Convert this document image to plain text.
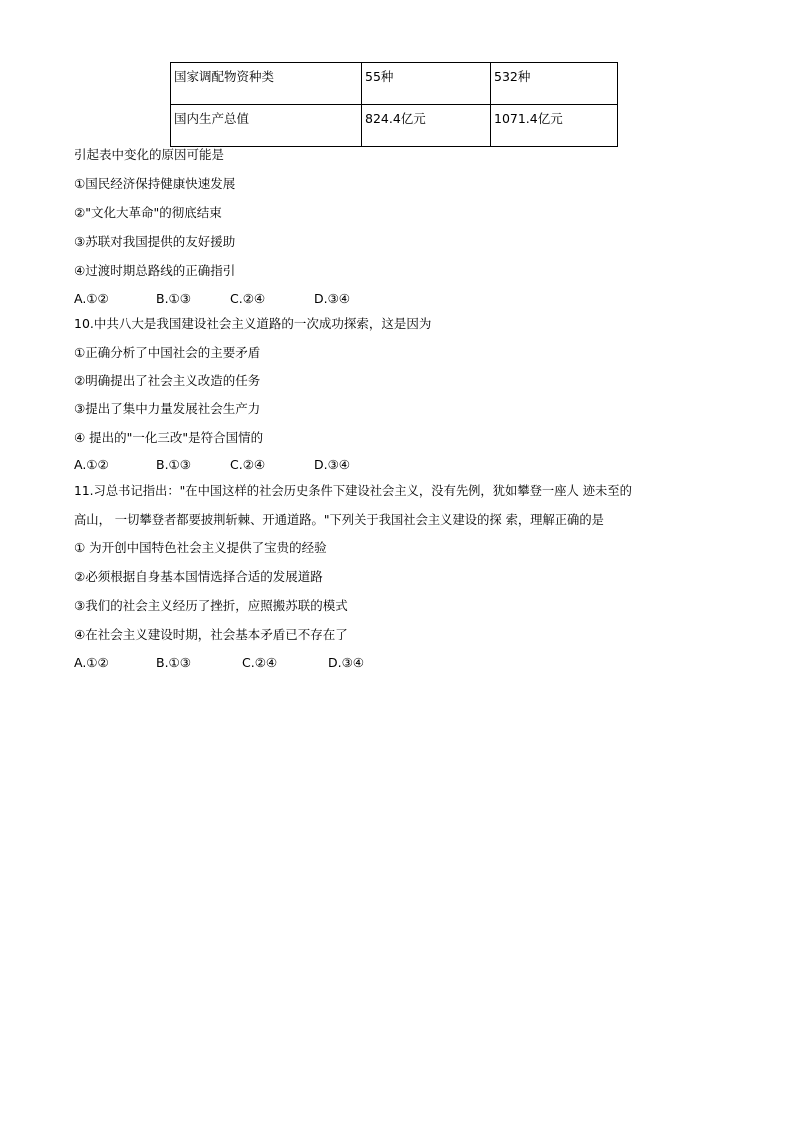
国家调配物资种类	55种	532种
国内生产总值	824.4亿元	1071.4亿元
引起表中变化的原因可能是
①国民经济保持健康快速发展
②"文化大革命"的彻底结束
③苏联对我国提供的友好援助
④过渡时期总路线的正确指引
A.①②	B.①③	C.②④	D.③④
10.中共八大是我国建设社会主义道路的一次成功探索，这是因为
①正确分析了中国社会的主要矛盾
②明确提出了社会主义改造的任务
③提出了集中力量发展社会生产力
④ 提出的"一化三改"是符合国情的
A.①②	B.①③	C.②④	D.③④
11.习总书记指出："在中国这样的社会历史条件下建设社会主义，没有先例，犹如攀登一座人 迹未至的
高山， 一切攀登者都要披荆斩棘、开通道路。"下列关于我国社会主义建设的探 索，理解正确的是
① 为开创中国特色社会主义提供了宝贵的经验
②必须根据自身基本国情选择合适的发展道路
③我们的社会主义经历了挫折，应照搬苏联的模式
④在社会主义建设时期，社会基本矛盾已不存在了
A.①②	B.①③	C.②④	D.③④
